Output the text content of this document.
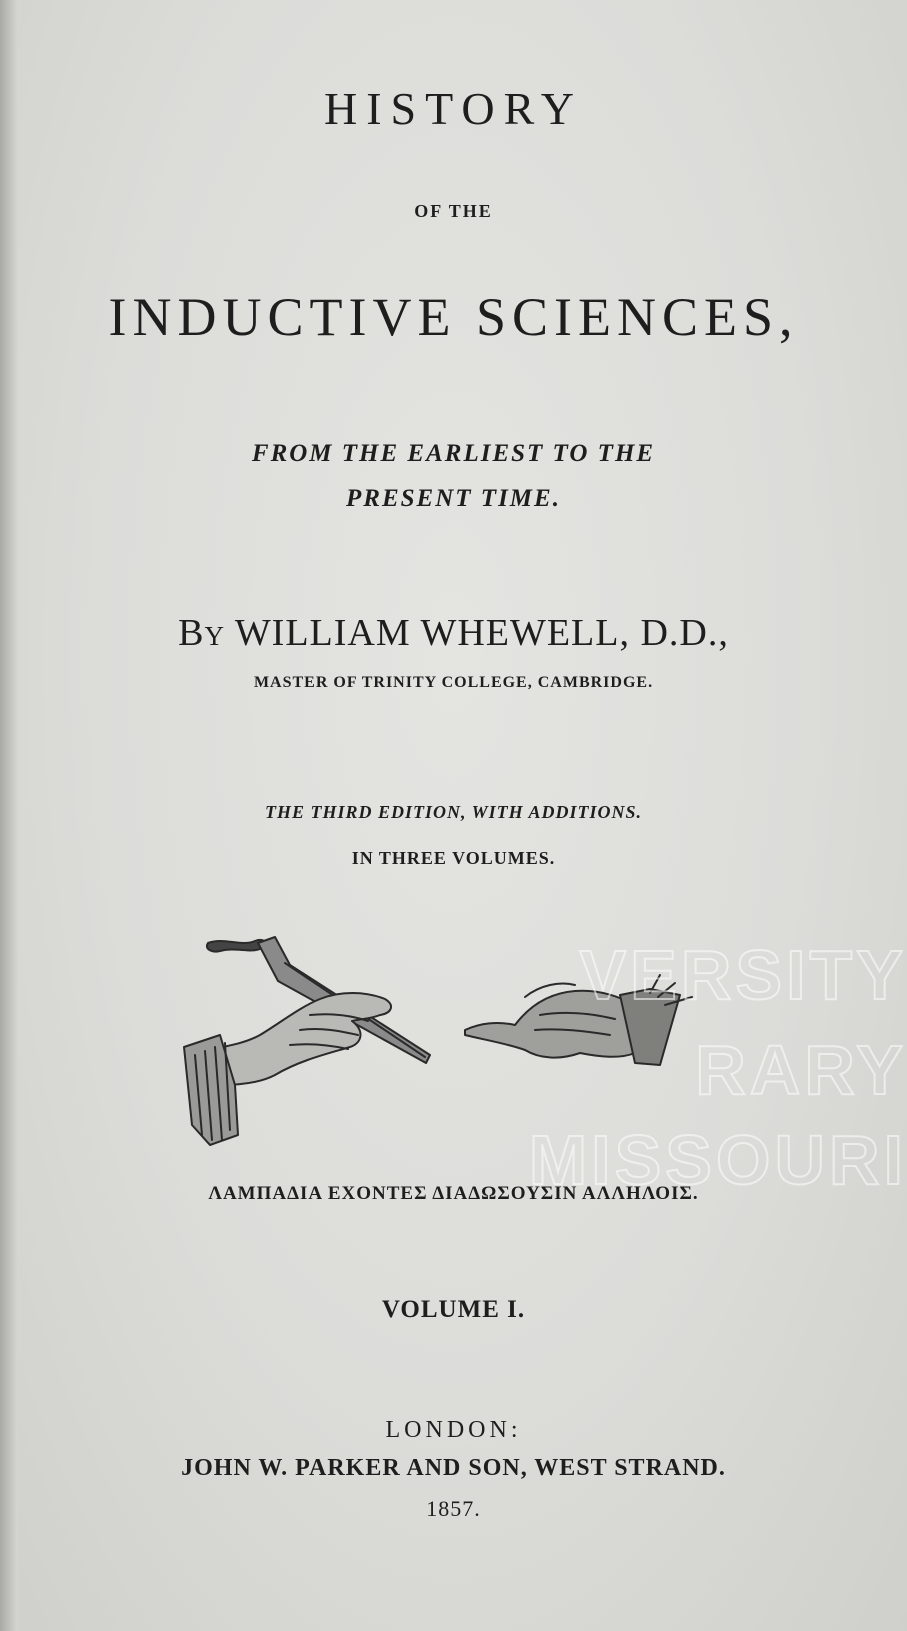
HISTORY
OF THE
INDUCTIVE SCIENCES,
FROM THE EARLIEST TO THE
PRESENT TIME.
By WILLIAM WHEWELL, D.D.,
MASTER OF TRINITY COLLEGE, CAMBRIDGE.
THE THIRD EDITION, WITH ADDITIONS.
IN THREE VOLUMES.
ΛΑΜΠΑΔΙΑ ΕΧΟΝΤΕΣ ΔΙΑΔΩΣΟΥΣΙΝ ΑΛΛΗΛΟΙΣ.
VOLUME I.
LONDON:
JOHN W. PARKER AND SON, WEST STRAND.
1857.
VERSITY
RARY
MISSOURI
